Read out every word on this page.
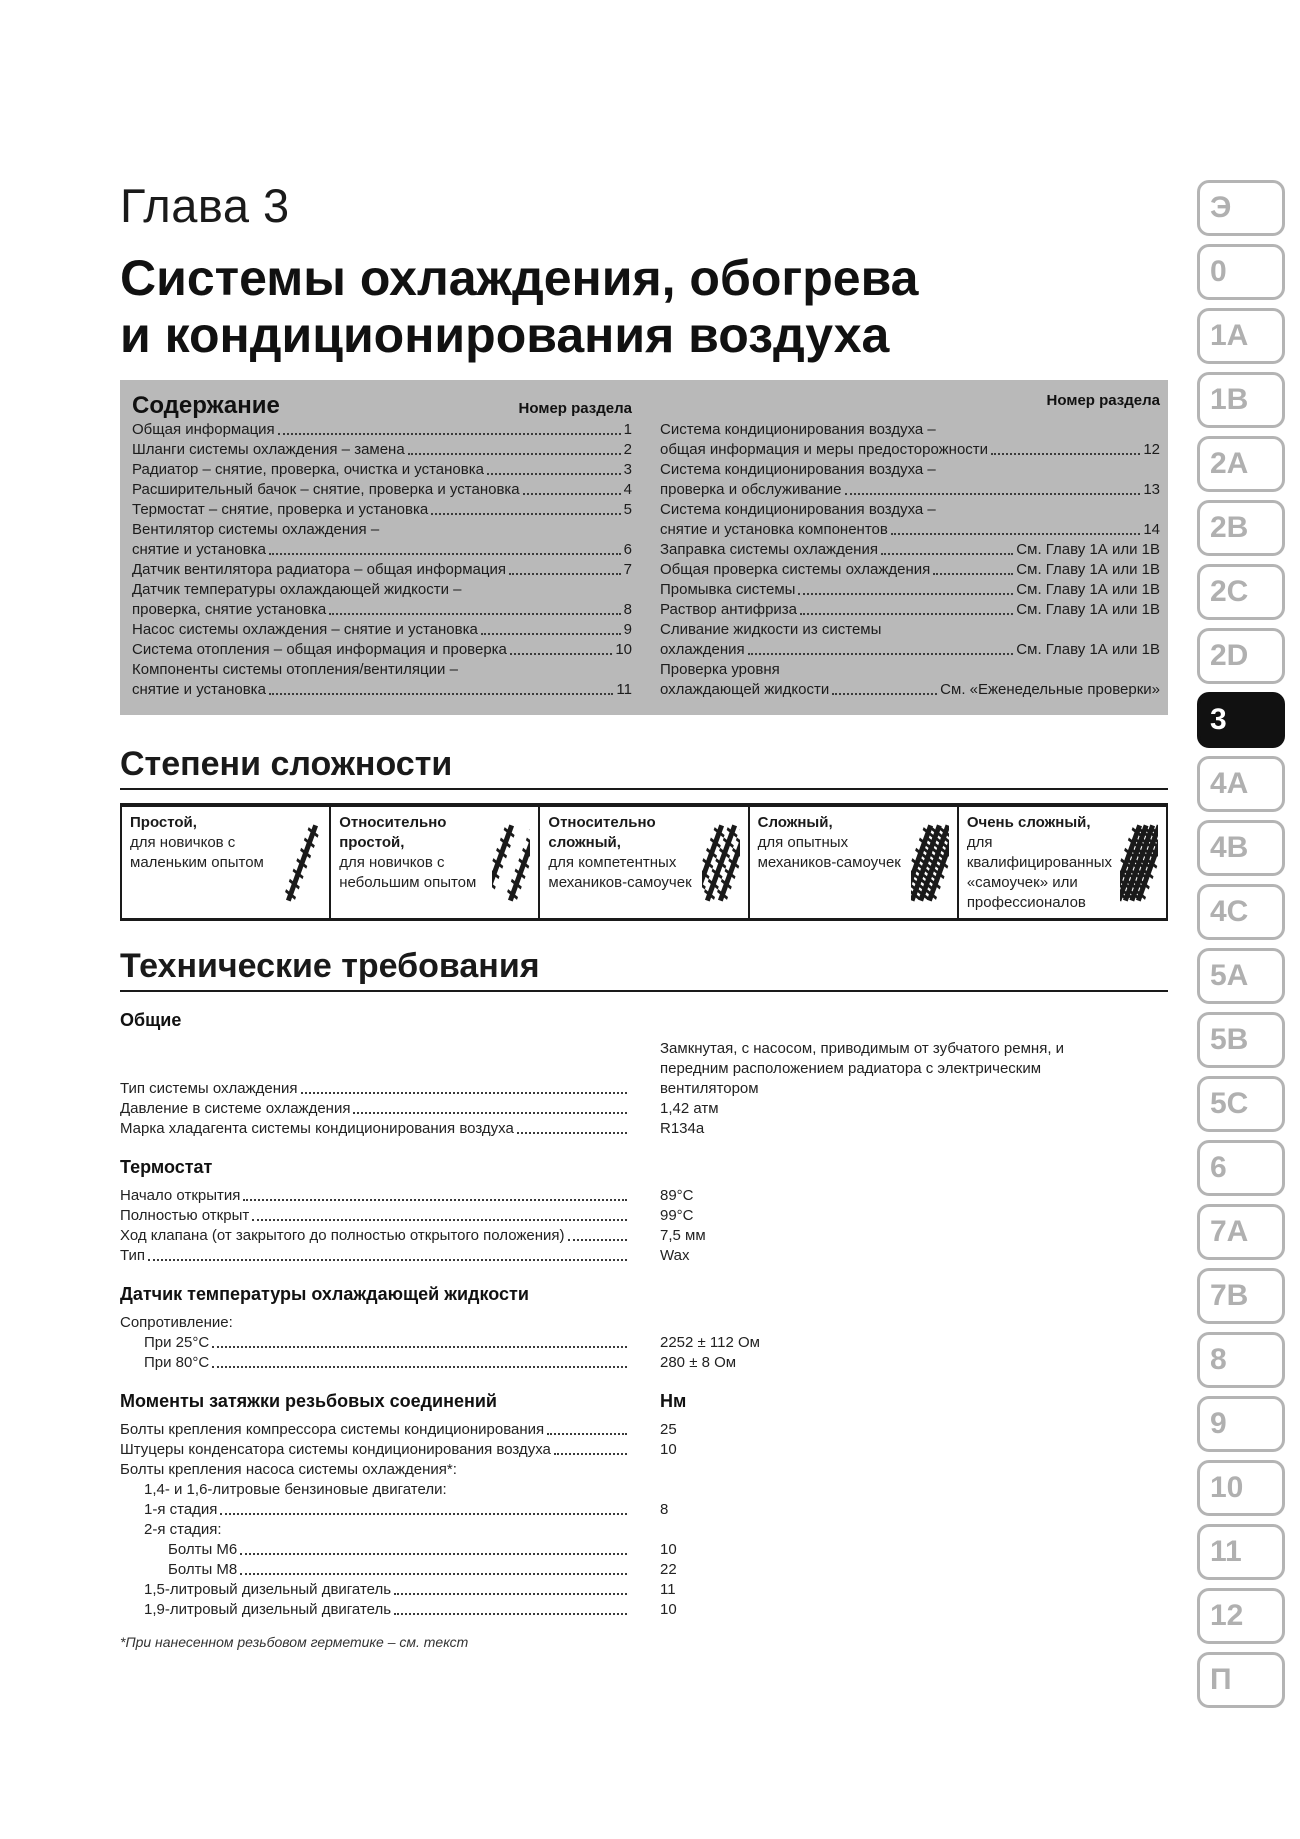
Глава 3
Системы охлаждения, обогрева
и кондиционирования воздуха
Содержание	Номер раздела
Общая информация	1
Шланги системы охлаждения – замена	2
Радиатор – снятие, проверка, очистка и установка	3
Расширительный бачок – снятие, проверка и установка	4
Термостат – снятие, проверка и установка	5
Вентилятор системы охлаждения –
снятие и установка	6
Датчик вентилятора радиатора – общая информация	7
Датчик температуры охлаждающей жидкости –
проверка, снятие установка	8
Насос системы охлаждения – снятие и установка	9
Система отопления – общая информация и проверка	10
Компоненты системы отопления/вентиляции –
снятие и установка	11
Номер раздела
Система кондиционирования воздуха –
общая информация и меры предосторожности	12
Система кондиционирования воздуха –
проверка и обслуживание	13
Система кондиционирования воздуха –
снятие и установка компонентов	14
Заправка системы охлаждения	См. Главу 1А или 1В
Общая проверка системы охлаждения	См. Главу 1А или 1В
Промывка системы	См. Главу 1А или 1В
Раствор антифриза	См. Главу 1А или 1В
Сливание жидкости из системы
охлаждения	См. Главу 1А или 1В
Проверка уровня
охлаждающей жидкости	См. «Еженедельные проверки»
Степени сложности
Простой,
для новичков с маленьким опытом
Относительно простой,
для новичков с небольшим опытом
Относительно сложный,
для компетентных механиков-самоучек
Сложный,
для опытных механиков-самоучек
Очень сложный,
для квалифицированных «самоучек» или профессионалов
Технические требования
Общие
Тип системы охлаждения
Замкнутая, с насосом, приводимым от зубчатого ремня, и передним расположением радиатора с электрическим вентилятором
Давление в системе охлаждения	1,42 атм
Марка хладагента системы кондиционирования воздуха	R134a
Термостат
Начало открытия	89°C
Полностью открыт	99°C
Ход клапана (от закрытого до полностью открытого положения)	7,5 мм
Тип	Wax
Датчик температуры охлаждающей жидкости
Сопротивление:
При 25°C	2252 ± 112 Ом
При 80°C	280 ± 8 Ом
Моменты затяжки резьбовых соединений	Нм
Болты крепления компрессора системы кондиционирования	25
Штуцеры конденсатора системы кондиционирования воздуха	10
Болты крепления насоса системы охлаждения*:
1,4- и 1,6-литровые бензиновые двигатели:
1-я стадия	8
2-я стадия:
Болты М6	10
Болты М8	22
1,5-литровый дизельный двигатель	11
1,9-литровый дизельный двигатель	10
*При нанесенном резьбовом герметике – см. текст
Э
0
1A
1B
2A
2B
2C
2D
3
4A
4B
4C
5A
5B
5C
6
7A
7B
8
9
10
11
12
П
